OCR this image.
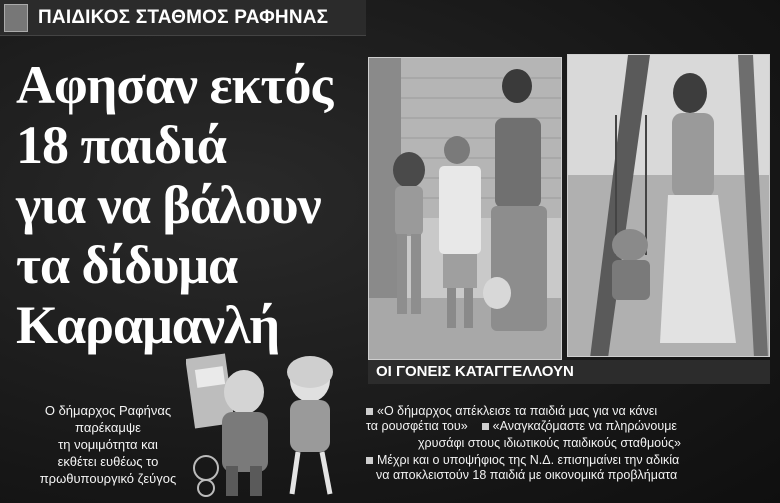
ΠΑΙΔΙΚΟΣ ΣΤΑΘΜΟΣ ΡΑΦΗΝΑΣ
Αφησαν εκτός
18 παιδιά
για να βάλουν
τα δίδυμα
Καραμανλή
ΟΙ ΓΟΝΕΙΣ ΚΑΤΑΓΓΕΛΛΟΥΝ
Ο δήμαρχος Ραφήνας
παρέκαμψε
τη νομιμότητα και
εκθέτει ευθέως το
πρωθυπουργικό ζεύγος

«Ο δήμαρχος απέκλεισε τα παιδιά μας για να κάνει

τα ρουσφέτια του» «Αναγκαζόμαστε να πληρώνουμε

χρυσάφι στους ιδιωτικούς παιδικούς σταθμούς»

Μέχρι και ο υποψήφιος της Ν.Δ. επισημαίνει την αδικία

να αποκλειστούν 18 παιδιά με οικονομικά προβλήματα
